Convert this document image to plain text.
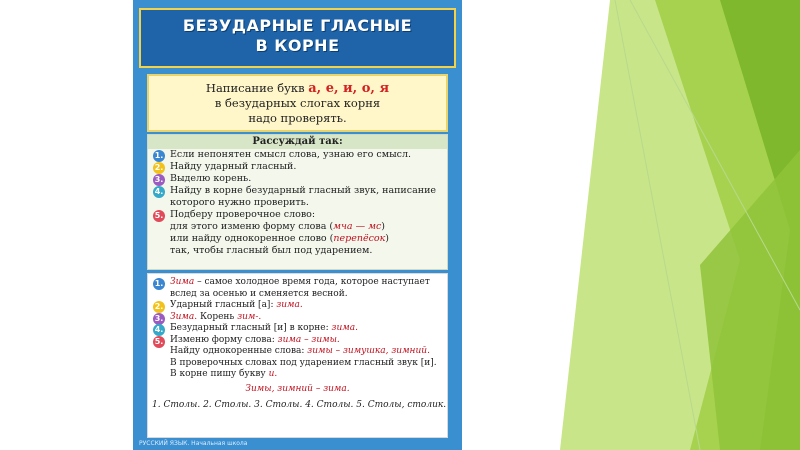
БЕЗУДАРНЫЕ ГЛАСНЫЕ
В КОРНЕ
Написание букв а, е, и, о, я
в безударных слогах корня
надо проверять.
Рассуждай так:
1. Если непонятен смысл слова, узнаю его смысл.
2. Найду ударный гласный.
3. Выделю корень.
4. Найду в корне безударный гласный звук, написание которого нужно проверить.
5. Подберу проверочное слово:
для этого изменю форму слова (мча — мс)
или найду однокоренное слово (перепёсок)
так, чтобы гласный был под ударением.
1. Зима – самое холодное время года, которое наступает вслед за осенью и сменяется весной.
2. Ударный гласный [а]: зима.
3. Зима. Корень зим-.
4. Безударный гласный [и] в корне: зима.
5. Изменю форму слова: зима – зимы.
Найду однокоренные слова: зимы – зимушка, зимний.
В проверочных словах под ударением гласный звук [и].
В корне пишу букву и.
Зимы, зимний – зима.
1. Столы. 2. Столы. 3. Столы. 4. Столы. 5. Столы, столик.
РУССКИЙ ЯЗЫК. Начальная школа
